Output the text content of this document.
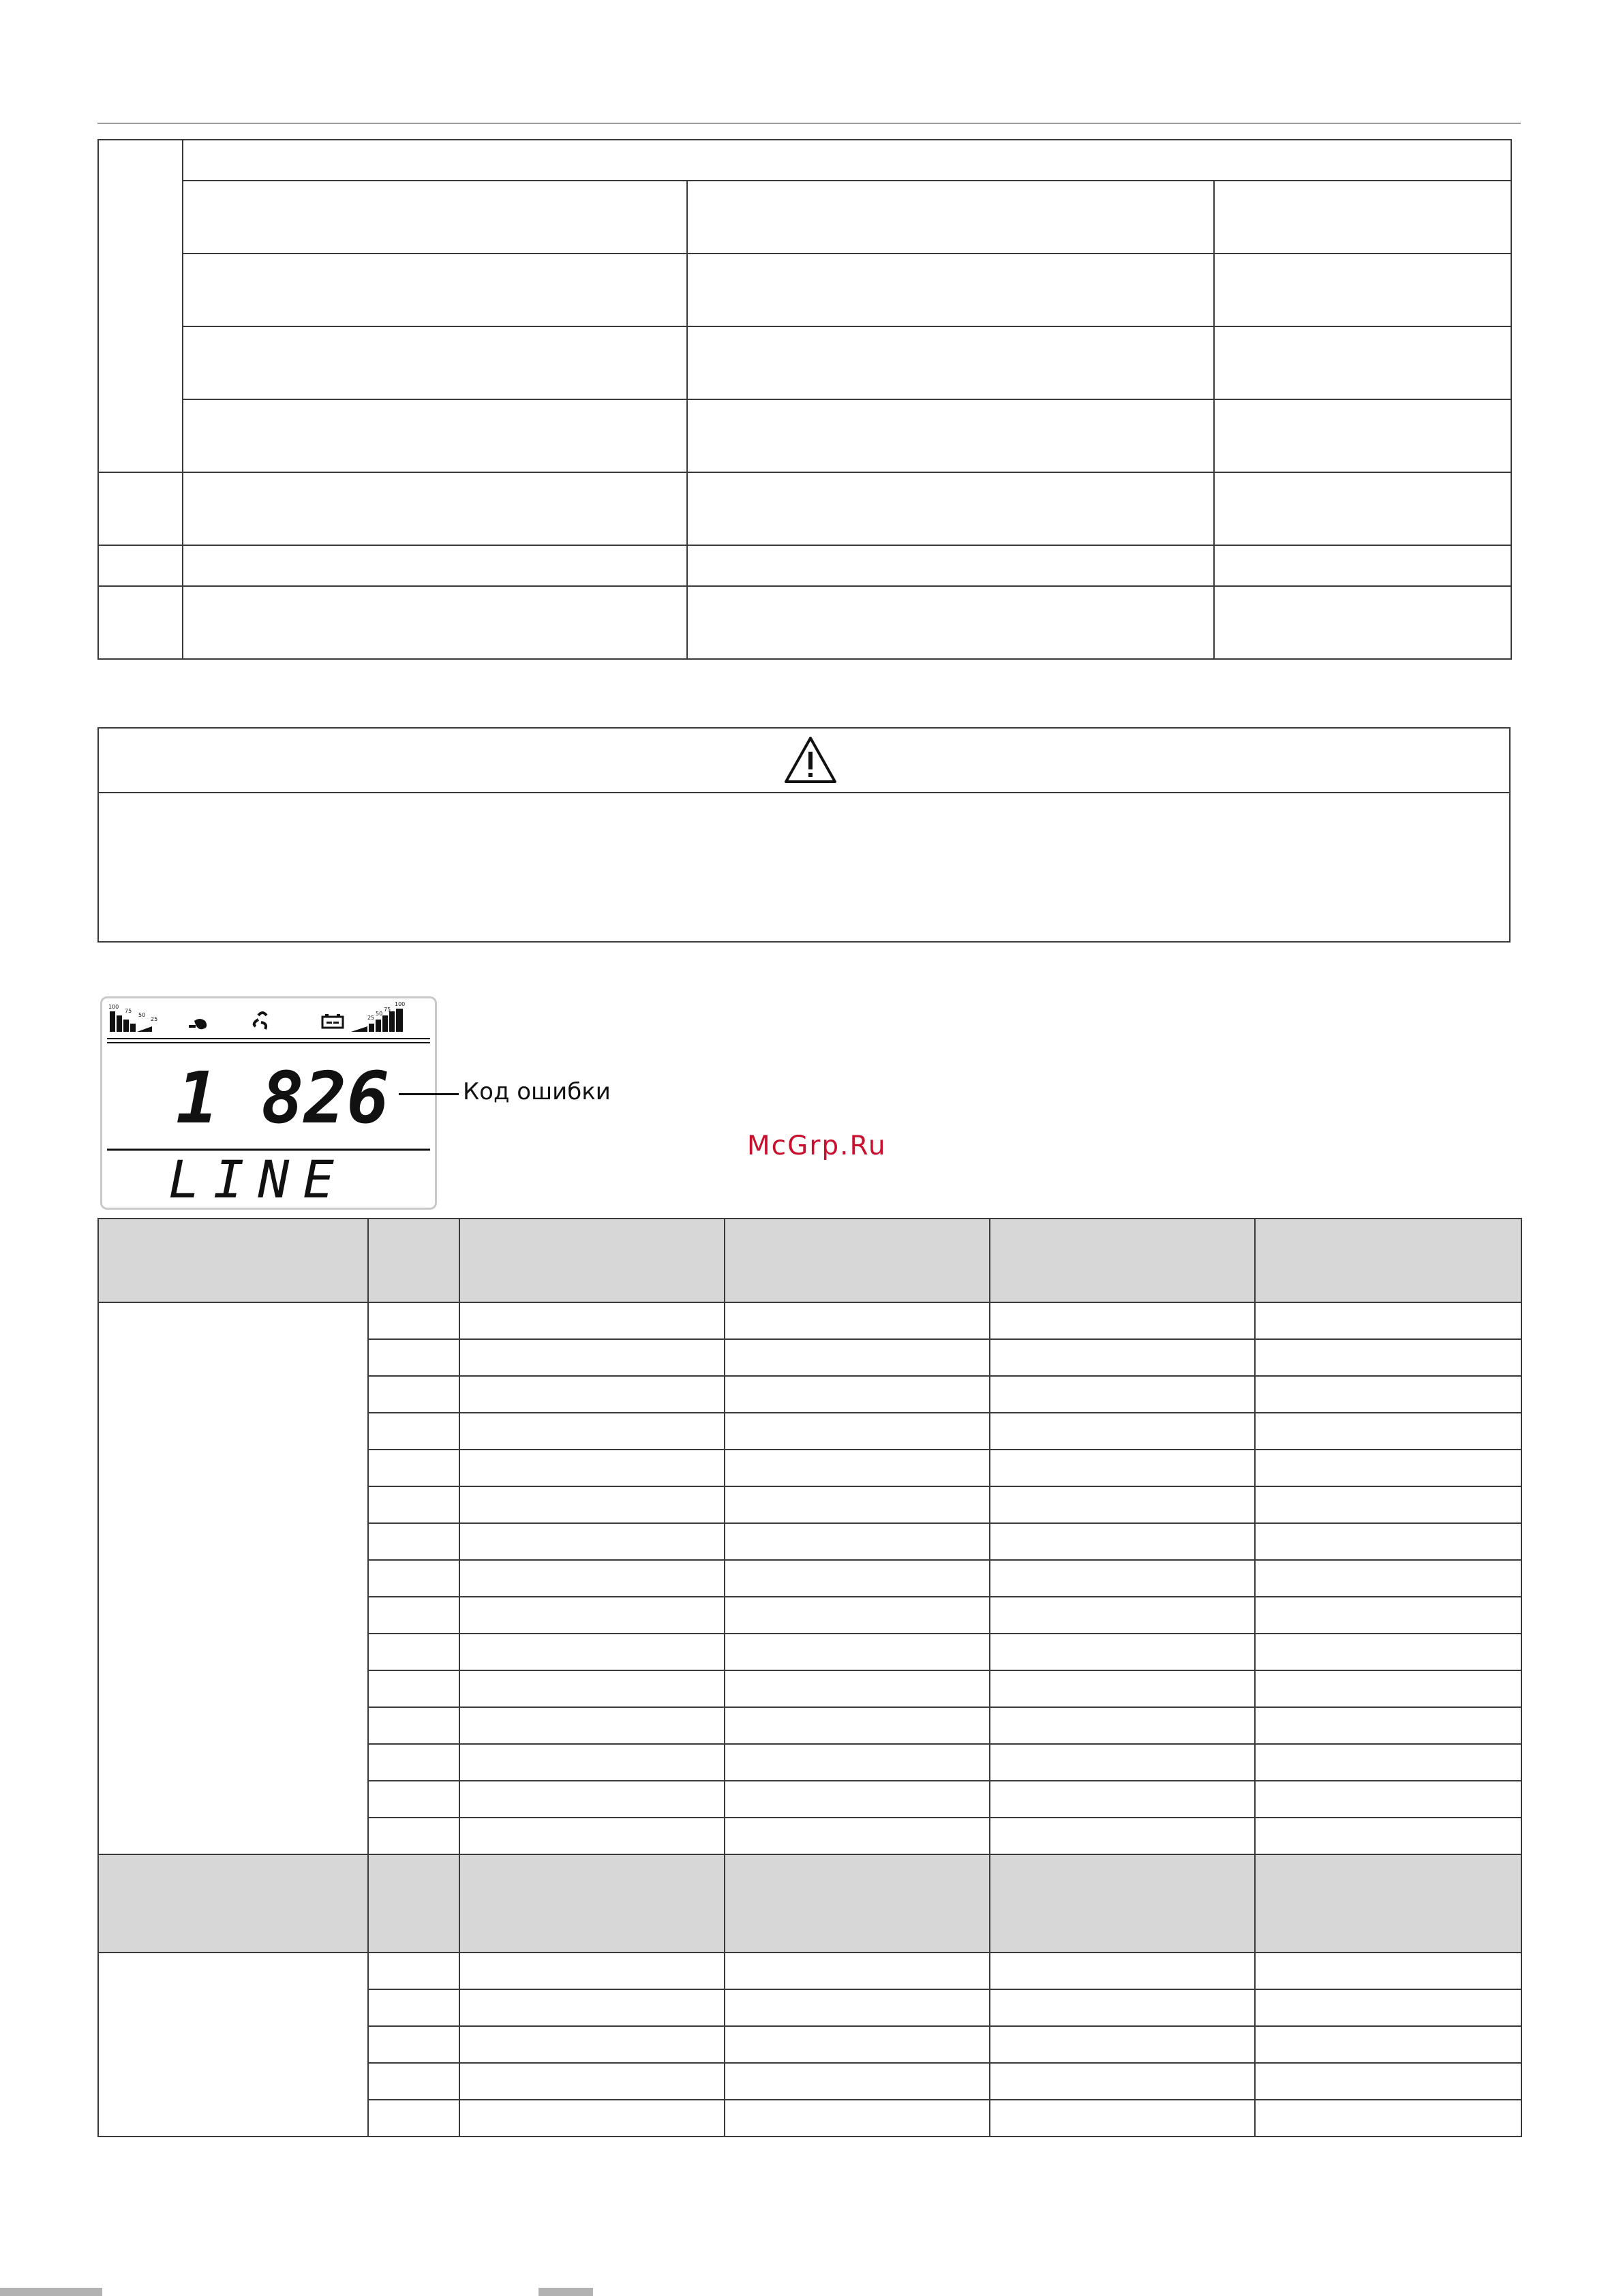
100
75
50
25	25
50
75
100
1 826
LINE
Код ошибки
McGrp.Ru
